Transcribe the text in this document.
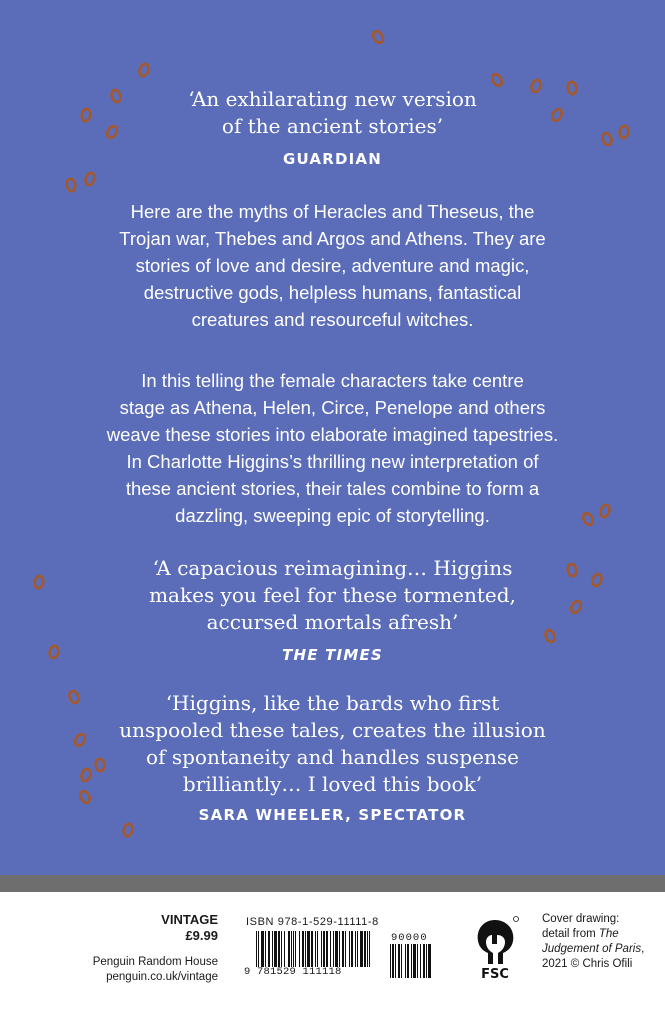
‘An exhilarating new version
of the ancient stories’
GUARDIAN
Here are the myths of Heracles and Theseus, the
Trojan war, Thebes and Argos and Athens. They are
stories of love and desire, adventure and magic,
destructive gods, helpless humans, fantastical
creatures and resourceful witches.
In this telling the female characters take centre
stage as Athena, Helen, Circe, Penelope and others
weave these stories into elaborate imagined tapestries.
In Charlotte Higgins’s thrilling new interpretation of
these ancient stories, their tales combine to form a
dazzling, sweeping epic of storytelling.
‘A capacious reimagining… Higgins
makes you feel for these tormented,
accursed mortals afresh’
THE TIMES
‘Higgins, like the bards who first
unspooled these tales, creates the illusion
of spontaneity and handles suspense
brilliantly… I loved this book’
SARA WHEELER, SPECTATOR
VINTAGE
£9.99
Penguin Random House
penguin.co.uk/vintage
ISBN 978-1-529-11111-8
9 781529 111118
90000
FSC
Cover drawing:
detail from The
Judgement of Paris,
2021 © Chris Ofili
